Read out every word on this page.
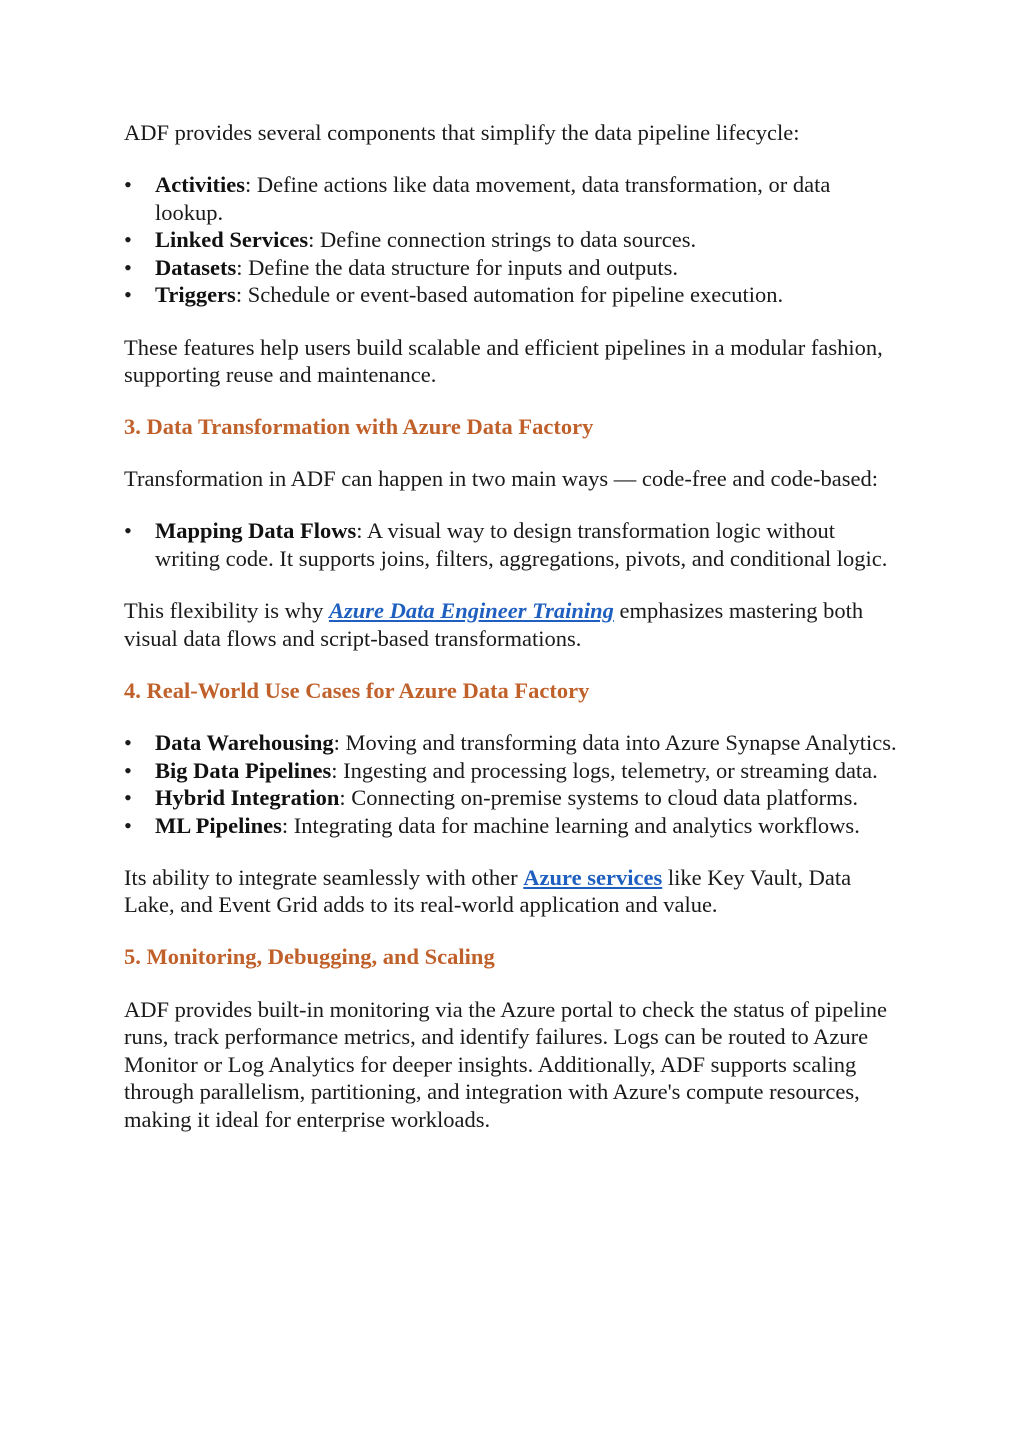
ADF provides several components that simplify the data pipeline lifecycle:

• Activities: Define actions like data movement, data transformation, or data lookup.
• Linked Services: Define connection strings to data sources.
• Datasets: Define the data structure for inputs and outputs.
• Triggers: Schedule or event-based automation for pipeline execution.

These features help users build scalable and efficient pipelines in a modular fashion, supporting reuse and maintenance.

3. Data Transformation with Azure Data Factory

Transformation in ADF can happen in two main ways — code-free and code-based:

• Mapping Data Flows: A visual way to design transformation logic without writing code. It supports joins, filters, aggregations, pivots, and conditional logic.

This flexibility is why Azure Data Engineer Training emphasizes mastering both visual data flows and script-based transformations.

4. Real-World Use Cases for Azure Data Factory
• Data Warehousing: Moving and transforming data into Azure Synapse Analytics.
• Big Data Pipelines: Ingesting and processing logs, telemetry, or streaming data.
• Hybrid Integration: Connecting on-premise systems to cloud data platforms.
• ML Pipelines: Integrating data for machine learning and analytics workflows.

Its ability to integrate seamlessly with other Azure services like Key Vault, Data Lake, and Event Grid adds to its real-world application and value.

5. Monitoring, Debugging, and Scaling

ADF provides built-in monitoring via the Azure portal to check the status of pipeline runs, track performance metrics, and identify failures. Logs can be routed to Azure Monitor or Log Analytics for deeper insights. Additionally, ADF supports scaling through parallelism, partitioning, and integration with Azure's compute resources, making it ideal for enterprise workloads.
